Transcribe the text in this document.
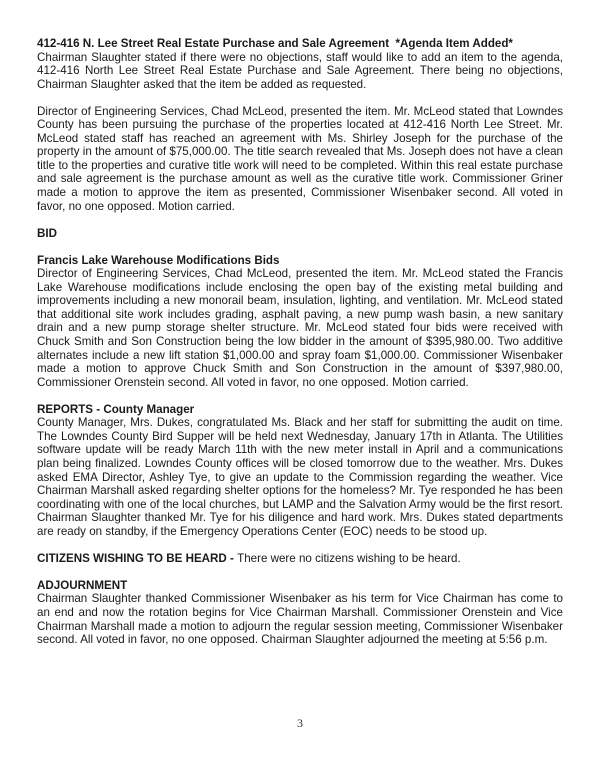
412-416 N. Lee Street Real Estate Purchase and Sale Agreement  *Agenda Item Added*

Chairman Slaughter stated if there were no objections, staff would like to add an item to the agenda, 412-416 North Lee Street Real Estate Purchase and Sale Agreement. There being no objections, Chairman Slaughter asked that the item be added as requested.

Director of Engineering Services, Chad McLeod, presented the item. Mr. McLeod stated that Lowndes County has been pursuing the purchase of the properties located at 412-416 North Lee Street. Mr. McLeod stated staff has reached an agreement with Ms. Shirley Joseph for the purchase of the property in the amount of $75,000.00. The title search revealed that Ms. Joseph does not have a clean title to the properties and curative title work will need to be completed. Within this real estate purchase and sale agreement is the purchase amount as well as the curative title work. Commissioner Griner made a motion to approve the item as presented, Commissioner Wisenbaker second. All voted in favor, no one opposed. Motion carried.

BID
Francis Lake Warehouse Modifications Bids

Director of Engineering Services, Chad McLeod, presented the item. Mr. McLeod stated the Francis Lake Warehouse modifications include enclosing the open bay of the existing metal building and improvements including a new monorail beam, insulation, lighting, and ventilation. Mr. McLeod stated that additional site work includes grading, asphalt paving, a new pump wash basin, a new sanitary drain and a new pump storage shelter structure. Mr. McLeod stated four bids were received with Chuck Smith and Son Construction being the low bidder in the amount of $395,980.00. Two additive alternates include a new lift station $1,000.00 and spray foam $1,000.00. Commissioner Wisenbaker made a motion to approve Chuck Smith and Son Construction in the amount of $397,980.00, Commissioner Orenstein second. All voted in favor, no one opposed. Motion carried.

REPORTS - County Manager

County Manager, Mrs. Dukes, congratulated Ms. Black and her staff for submitting the audit on time. The Lowndes County Bird Supper will be held next Wednesday, January 17th in Atlanta. The Utilities software update will be ready March 11th with the new meter install in April and a communications plan being finalized. Lowndes County offices will be closed tomorrow due to the weather. Mrs. Dukes asked EMA Director, Ashley Tye, to give an update to the Commission regarding the weather. Vice Chairman Marshall asked regarding shelter options for the homeless? Mr. Tye responded he has been coordinating with one of the local churches, but LAMP and the Salvation Army would be the first resort. Chairman Slaughter thanked Mr. Tye for his diligence and hard work. Mrs. Dukes stated departments are ready on standby, if the Emergency Operations Center (EOC) needs to be stood up.

CITIZENS WISHING TO BE HEARD - There were no citizens wishing to be heard.

ADJOURNMENT

Chairman Slaughter thanked Commissioner Wisenbaker as his term for Vice Chairman has come to an end and now the rotation begins for Vice Chairman Marshall. Commissioner Orenstein and Vice Chairman Marshall made a motion to adjourn the regular session meeting, Commissioner Wisenbaker second. All voted in favor, no one opposed. Chairman Slaughter adjourned the meeting at 5:56 p.m.

3
